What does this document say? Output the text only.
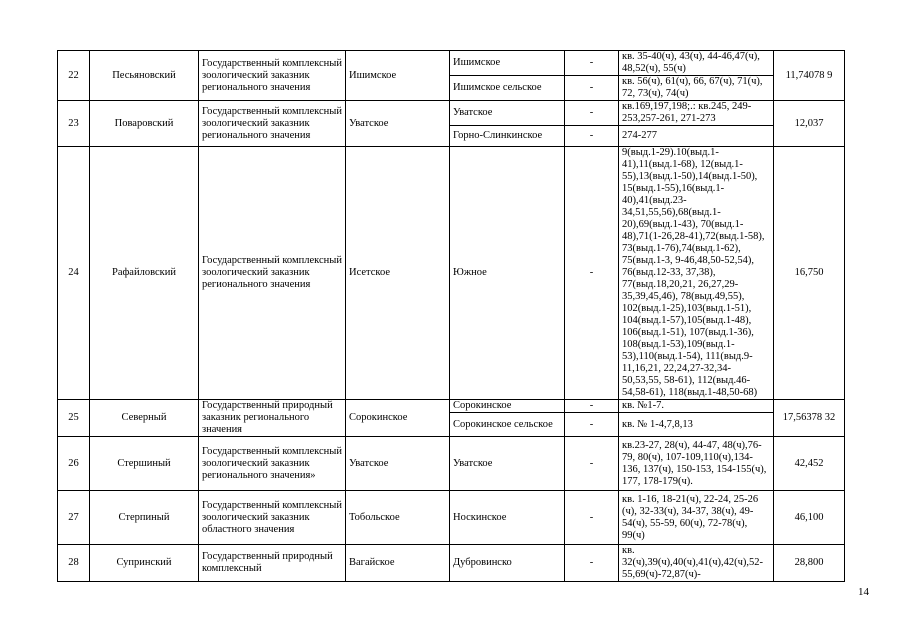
22	Песьяновский	Государственный комплексный зоологический заказник регионального значения	Ишимское	Ишимское	-	кв. 35-40(ч), 43(ч), 44-46,47(ч), 48,52(ч), 55(ч)	11,74078 9
				Ишимское сельское	-	кв. 56(ч), 61(ч), 66, 67(ч), 71(ч), 72, 73(ч), 74(ч)	
23	Поваровский	Государственный комплексный зоологический заказник регионального значения	Уватское	Уватское	-	кв.169,197,198;.: кв.245, 249-253,257-261, 271-273	12,037
				Горно-Слинкинское	-	274-277	
24	Рафайловский	Государственный комплексный зоологический заказник регионального значения	Исетское	Южное	-	9(выд.1-29).10(выд.1-41),11(выд.1-68), 12(выд.1-55),13(выд.1-50),14(выд.1-50), 15(выд.1-55),16(выд.1-40),41(выд.23-34,51,55,56),68(выд.1-20),69(выд.1-43), 70(выд.1-48),71(1-26,28-41),72(выд.1-58), 73(выд.1-76),74(выд.1-62), 75(выд.1-3, 9-46,48,50-52,54), 76(выд.12-33, 37,38), 77(выд.18,20,21, 26,27,29-35,39,45,46), 78(выд.49,55), 102(выд.1-25),103(выд.1-51), 104(выд.1-57),105(выд.1-48), 106(выд.1-51), 107(выд.1-36), 108(выд.1-53),109(выд.1-53),110(выд.1-54), 111(выд.9-11,16,21, 22,24,27-32,34-50,53,55, 58-61), 112(выд.46-54,58-61), 118(выд.1-48,50-68)	16,750
25	Северный	Государственный природный заказник регионального значения	Сорокинское	Сорокинское	-	кв. №1-7.	17,56378 32
				Сорокинское сельское	-	кв. № 1-4,7,8,13	
26	Стершиный	Государственный комплексный зоологический заказник регионального значения»	Уватское	Уватское	-	кв.23-27, 28(ч), 44-47, 48(ч),76-79, 80(ч), 107-109,110(ч),134-136, 137(ч), 150-153, 154-155(ч), 177, 178-179(ч).	42,452
27	Стерпиный	Государственный комплексный зоологический заказник областного значения	Тобольское	Носкинское	-	кв. 1-16, 18-21(ч), 22-24, 25-26 (ч), 32-33(ч), 34-37, 38(ч), 49-54(ч), 55-59, 60(ч), 72-78(ч), 99(ч)	46,100
28	Супринский	Государственный природный комплексный	Вагайское	Дубровинско	-	кв. 32(ч),39(ч),40(ч),41(ч),42(ч),52-55,69(ч)-72,87(ч)-	28,800
14
